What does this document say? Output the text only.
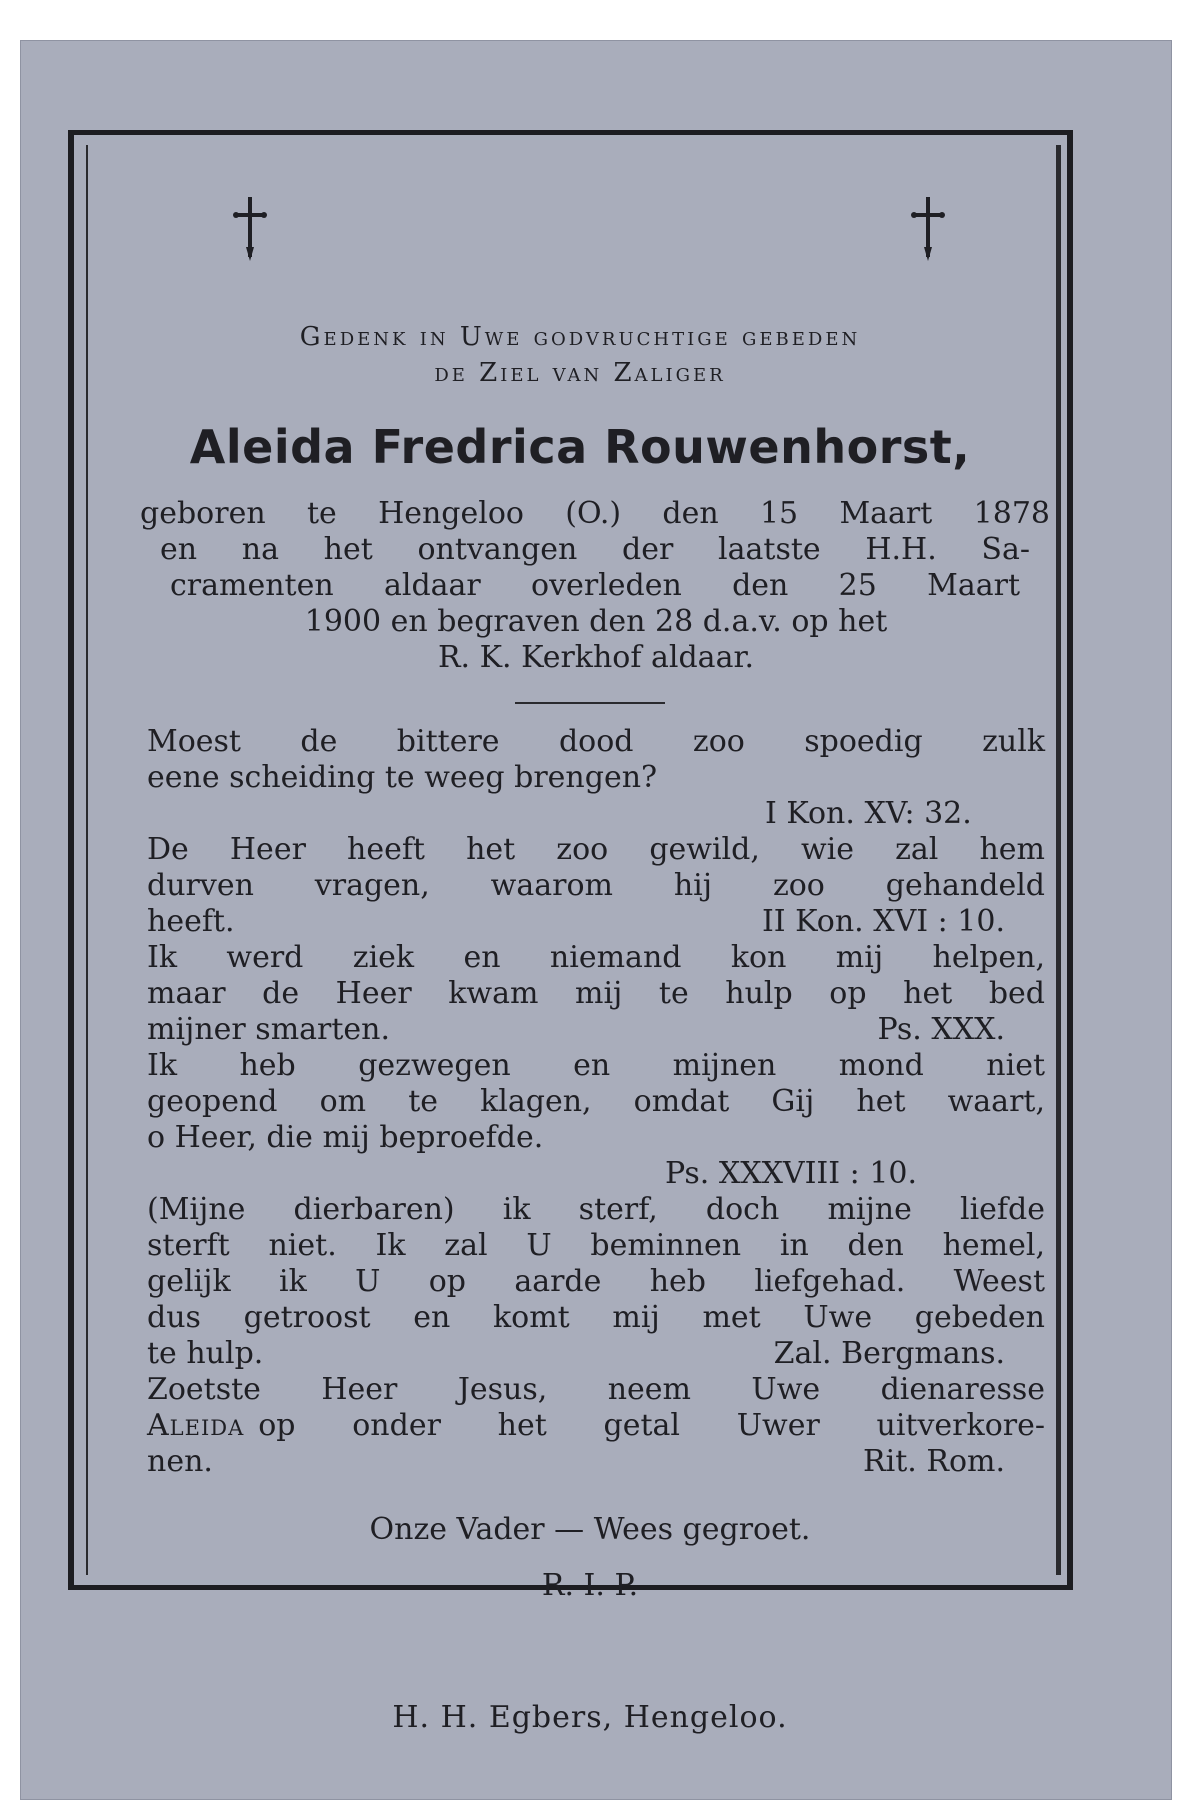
Gedenk in Uwe godvruchtige gebeden
de Ziel van Zaliger
Aleida Fredrica Rouwenhorst,
geboren te Hengeloo (O.) den 15 Maart 1878
en na het ontvangen der laatste H.H. Sa-
cramenten aldaar overleden den 25 Maart
1900 en begraven den 28 d.a.v. op het
R. K. Kerkhof aldaar.
Moest de bittere dood zoo spoedig zulk
eene scheiding te weeg brengen?
I Kon. XV: 32.
De Heer heeft het zoo gewild, wie zal hem
durven vragen, waarom hij zoo gehandeld
heeft.	II Kon. XVI : 10.
Ik werd ziek en niemand kon mij helpen,
maar de Heer kwam mij te hulp op het bed
mijner smarten.	Ps. XXX.
Ik heb gezwegen en mijnen mond niet
geopend om te klagen, omdat Gij het waart,
o Heer, die mij beproefde.
Ps. XXXVIII : 10.
(Mijne dierbaren) ik sterf, doch mijne liefde
sterft niet. Ik zal U beminnen in den hemel,
gelijk ik U op aarde heb liefgehad. Weest
dus getroost en komt mij met Uwe gebeden
te hulp.	Zal. Bergmans.
Zoetste Heer Jesus, neem Uwe dienaresse
Aleida op onder het getal Uwer uitverkore-
nen.	Rit. Rom.
Onze Vader — Wees gegroet.
R. I. P.
H. H. Egbers, Hengeloo.
